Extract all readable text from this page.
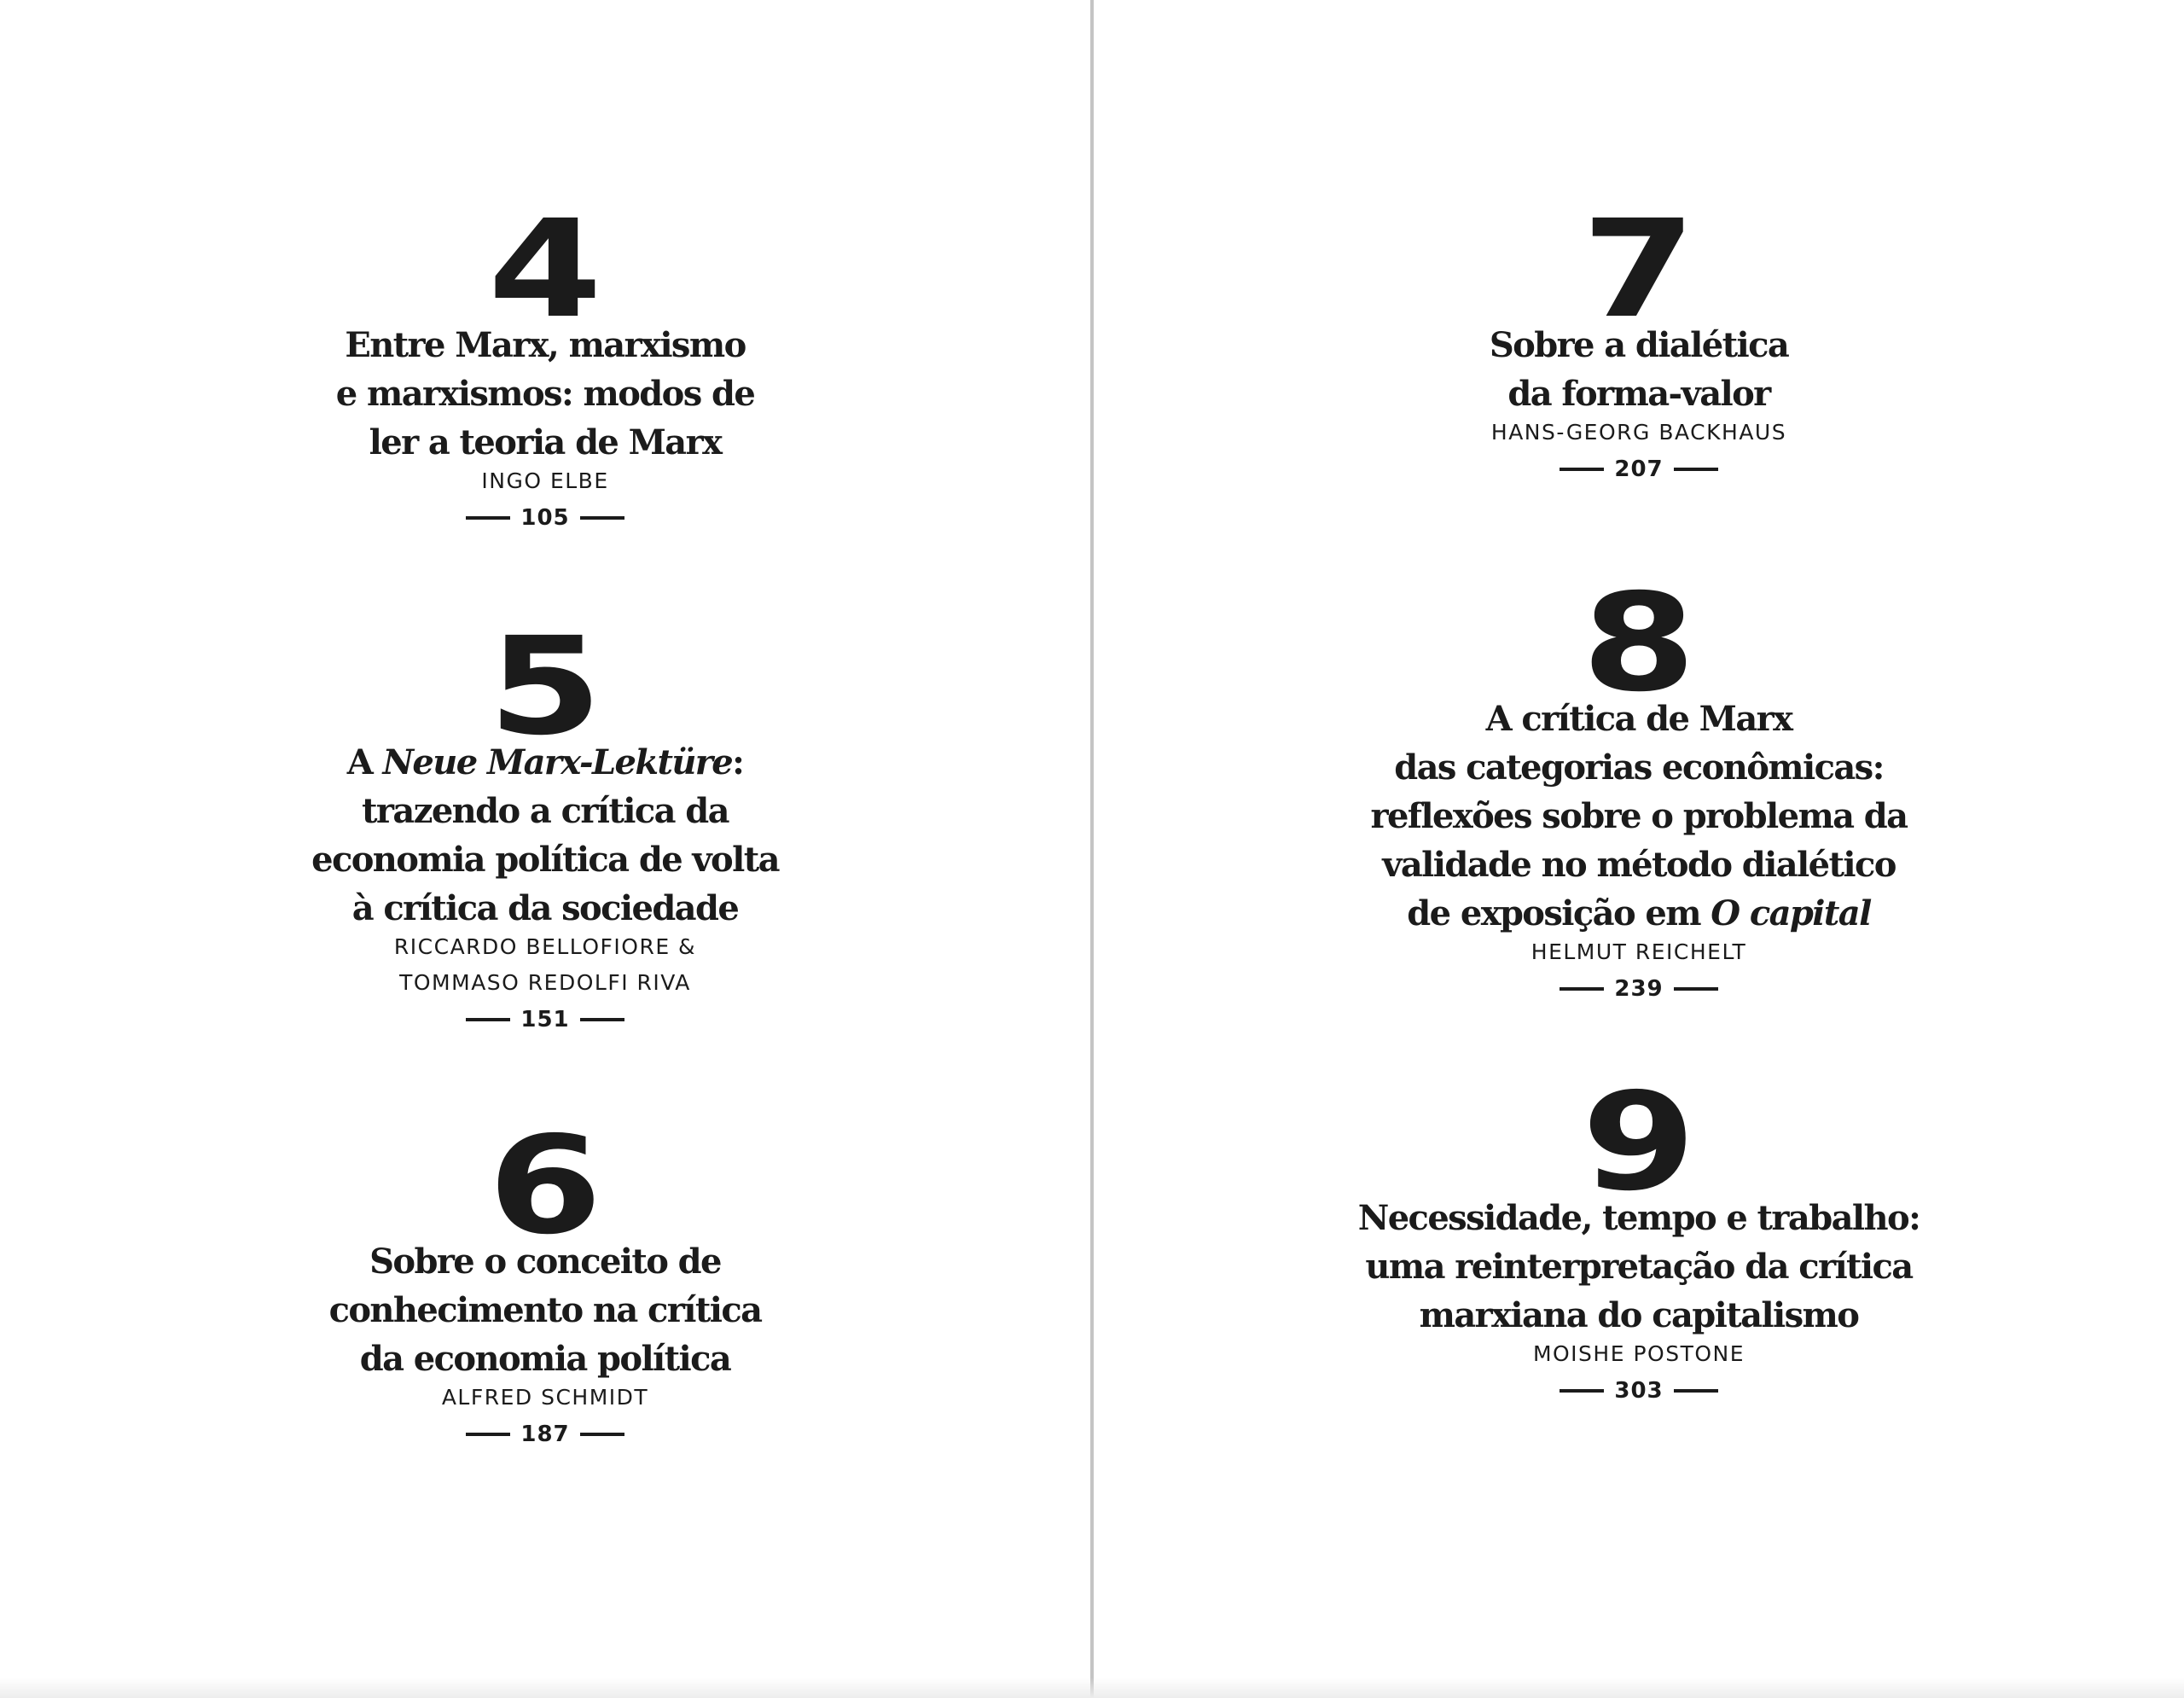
4
Entre Marx, marxismo
e marxismos: modos de
ler a teoria de Marx
INGO ELBE
105
5
A Neue Marx-Lektüre:
trazendo a crítica da
economia política de volta
à crítica da sociedade
RICCARDO BELLOFIORE &
TOMMASO REDOLFI RIVA
151
6
Sobre o conceito de
conhecimento na crítica
da economia política
ALFRED SCHMIDT
187
7
Sobre a dialética
da forma-valor
HANS-GEORG BACKHAUS
207
8
A crítica de Marx
das categorias econômicas:
reflexões sobre o problema da
validade no método dialético
de exposição em O capital
HELMUT REICHELT
239
9
Necessidade, tempo e trabalho:
uma reinterpretação da crítica
marxiana do capitalismo
MOISHE POSTONE
303
